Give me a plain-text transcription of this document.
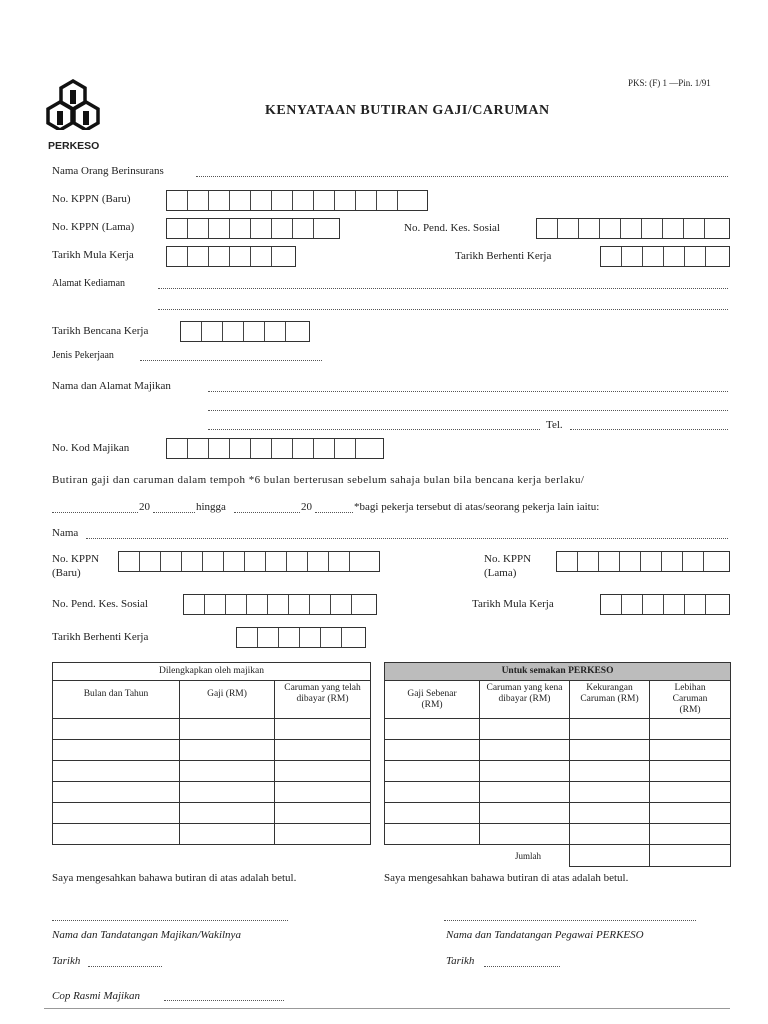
PERKESO
PKS: (F) 1 —Pin. 1/91
KENYATAAN BUTIRAN GAJI/CARUMAN
Nama Orang Berinsurans
No. KPPN (Baru)
No. KPPN (Lama)	No. Pend. Kes. Sosial
Tarikh Mula Kerja	Tarikh Berhenti Kerja
Alamat Kediaman
Tarikh Bencana Kerja
Jenis Pekerjaan
Nama dan Alamat Majikan
Tel.
No. Kod Majikan
Butiran gaji dan caruman dalam tempoh *6 bulan berterusan sebelum sahaja bulan bila bencana kerja berlaku/
20	hingga	20	*bagi pekerja tersebut di atas/seorang pekerja lain iaitu:
Nama
No. KPPN
(Baru)
No. KPPN
(Lama)
No. Pend. Kes. Sosial	Tarikh Mula Kerja
Tarikh Berhenti Kerja
Dilengkapkan oleh majikan		
Bulan dan Tahun	Gaji (RM)	Caruman yang telah dibayar (RM)

Untuk semakan PERKESO			
Gaji Sebenar (RM)	Caruman yang kena dibayar (RM)	Kekurangan Caruman (RM)	Lebihan Caruman (RM)

Jumlah			
Saya mengesahkan bahawa butiran di atas adalah betul.	Saya mengesahkan bahawa butiran di atas adalah betul.
Nama dan Tandatangan Majikan/Wakilnya	Nama dan Tandatangan Pegawai PERKESO
Tarikh	Tarikh
Cop Rasmi Majikan
